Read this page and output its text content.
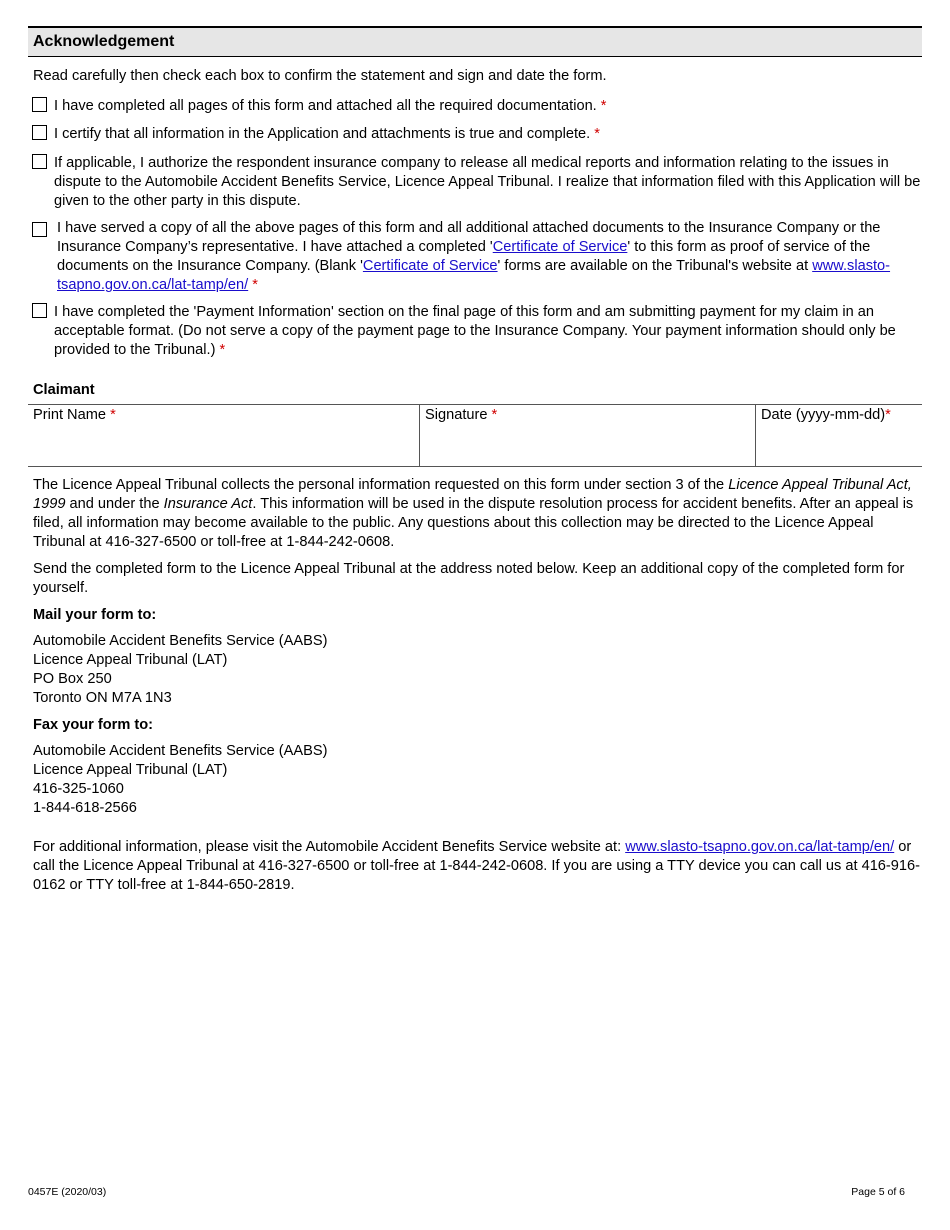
Acknowledgement
Read carefully then check each box to confirm the statement and sign and date the form.
I have completed all pages of this form and attached all the required documentation. *
I certify that all information in the Application and attachments is true and complete. *
If applicable, I authorize the respondent insurance company to release all medical reports and information relating to the issues in dispute to the Automobile Accident Benefits Service, Licence Appeal Tribunal. I realize that information filed with this Application will be given to the other party in this dispute.
I have served a copy of all the above pages of this form and all additional attached documents to the Insurance Company or the Insurance Company’s representative. I have attached a completed 'Certificate of Service' to this form as proof of service of the documents on the Insurance Company. (Blank 'Certificate of Service' forms are available on the Tribunal's website at www.slasto-tsapno.gov.on.ca/lat-tamp/en/ *
I have completed the 'Payment Information' section on the final page of this form and am submitting payment for my claim in an acceptable format. (Do not serve a copy of the payment page to the Insurance Company. Your payment information should only be provided to the Tribunal.) *
Claimant
Print Name *	Signature *	Date (yyyy-mm-dd)*
The Licence Appeal Tribunal collects the personal information requested on this form under section 3 of the Licence Appeal Tribunal Act, 1999 and under the Insurance Act. This information will be used in the dispute resolution process for accident benefits. After an appeal is filed, all information may become available to the public. Any questions about this collection may be directed to the Licence Appeal Tribunal at 416-327-6500 or toll-free at 1-844-242-0608.
Send the completed form to the Licence Appeal Tribunal at the address noted below. Keep an additional copy of the completed form for yourself.
Mail your form to:
Automobile Accident Benefits Service (AABS)
Licence Appeal Tribunal (LAT)
PO Box 250
Toronto ON M7A 1N3
Fax your form to:
Automobile Accident Benefits Service (AABS)
Licence Appeal Tribunal (LAT)
416-325-1060
1-844-618-2566
For additional information, please visit the Automobile Accident Benefits Service website at: www.slasto-tsapno.gov.on.ca/lat-tamp/en/ or call the Licence Appeal Tribunal at 416-327-6500 or toll-free at 1-844-242-0608. If you are using a TTY device you can call us at 416-916-0162 or TTY toll-free at 1-844-650-2819.
0457E (2020/03)	Page 5 of 6
